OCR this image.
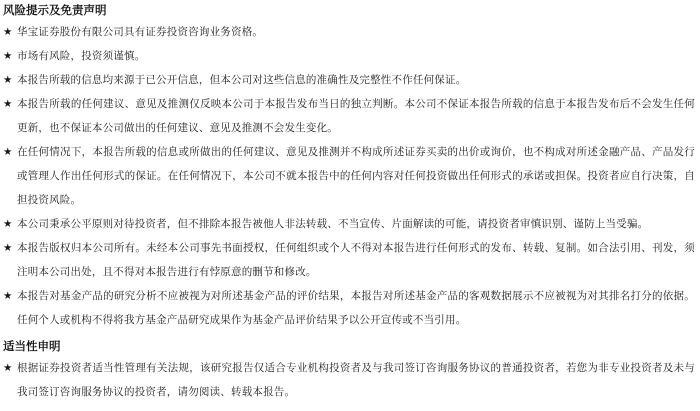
风险提示及免责声明

★ 华宝证券股份有限公司具有证券投资咨询业务资格。

★ 市场有风险，投资须谨慎。

★ 本报告所载的信息均来源于已公开信息，但本公司对这些信息的准确性及完整性不作任何保证。

★ 本报告所载的任何建议、意见及推测仅反映本公司于本报告发布当日的独立判断。本公司不保证本报告所载的信息于本报告发布后不会发生任何更新，也不保证本公司做出的任何建议、意见及推测不会发生变化。

★ 在任何情况下，本报告所载的信息或所做出的任何建议、意见及推测并不构成所述证券买卖的出价或询价，也不构成对所述金融产品、产品发行或管理人作出任何形式的保证。在任何情况下，本公司不就本报告中的任何内容对任何投资做出任何形式的承诺或担保。投资者应自行决策，自担投资风险。

★ 本公司秉承公平原则对待投资者，但不排除本报告被他人非法转载、不当宣传、片面解读的可能，请投资者审慎识别、谨防上当受骗。

★ 本报告版权归本公司所有。未经本公司事先书面授权，任何组织或个人不得对本报告进行任何形式的发布、转载、复制。如合法引用、刊发，须注明本公司出处，且不得对本报告进行有悖原意的删节和修改。

★ 本报告对基金产品的研究分析不应被视为对所述基金产品的评价结果，本报告对所述基金产品的客观数据展示不应被视为对其排名打分的依据。任何个人或机构不得将我方基金产品研究成果作为基金产品评价结果予以公开宣传或不当引用。

适当性申明

★ 根据证券投资者适当性管理有关法规，该研究报告仅适合专业机构投资者及与我司签订咨询服务协议的普通投资者，若您为非专业投资者及未与我司签订咨询服务协议的投资者，请勿阅读、转载本报告。
